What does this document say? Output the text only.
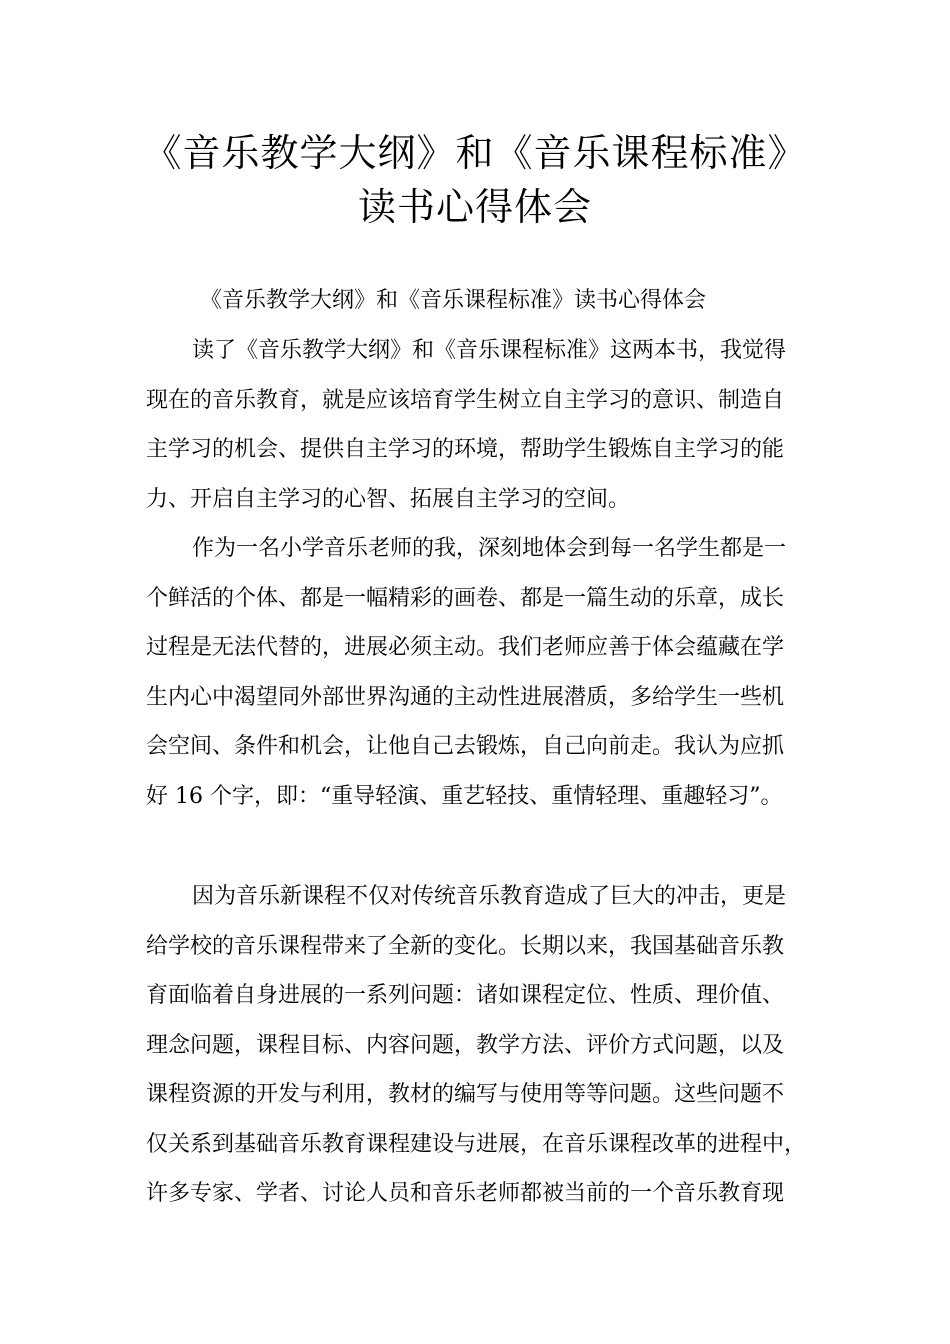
《音乐教学大纲》和《音乐课程标准》
读书心得体会
《音乐教学大纲》和《音乐课程标准》读书心得体会
读了《音乐教学大纲》和《音乐课程标准》这两本书，我觉得
现在的音乐教育，就是应该培育学生树立自主学习的意识、制造自
主学习的机会、提供自主学习的环境，帮助学生锻炼自主学习的能
力、开启自主学习的心智、拓展自主学习的空间。
作为一名小学音乐老师的我，深刻地体会到每一名学生都是一
个鲜活的个体、都是一幅精彩的画卷、都是一篇生动的乐章，成长
过程是无法代替的，进展必须主动。我们老师应善于体会蕴藏在学
生内心中渴望同外部世界沟通的主动性进展潜质，多给学生一些机
会空间、条件和机会，让他自己去锻炼，自己向前走。我认为应抓
好 16 个字，即：“重导轻演、重艺轻技、重情轻理、重趣轻习”。
因为音乐新课程不仅对传统音乐教育造成了巨大的冲击，更是
给学校的音乐课程带来了全新的变化。长期以来，我国基础音乐教
育面临着自身进展的一系列问题：诸如课程定位、性质、理价值、
理念问题，课程目标、内容问题，教学方法、评价方式问题，以及
课程资源的开发与利用，教材的编写与使用等等问题。这些问题不
仅关系到基础音乐教育课程建设与进展，在音乐课程改革的进程中，
许多专家、学者、讨论人员和音乐老师都被当前的一个音乐教育现
